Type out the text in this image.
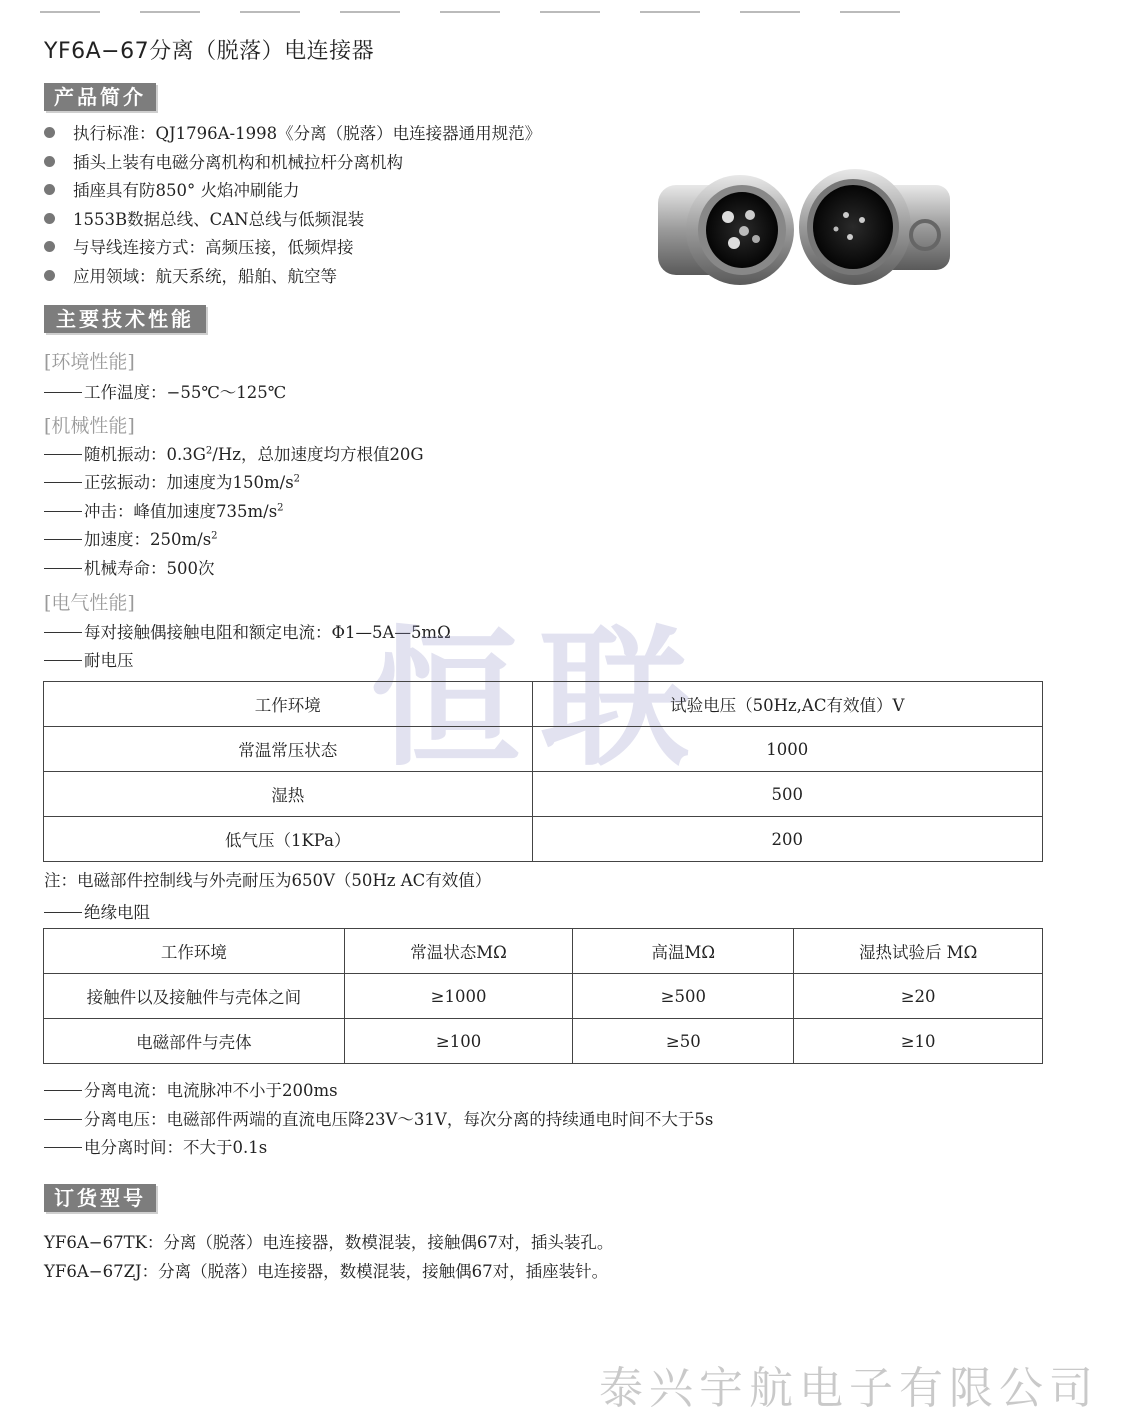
YF6A−67分离（脱落）电连接器
产品简介
执行标准：QJ1796A-1998《分离（脱落）电连接器通用规范》
插头上装有电磁分离机构和机械拉杆分离机构
插座具有防850° 火焰冲刷能力
1553B数据总线、CAN总线与低频混装
与导线连接方式：高频压接，低频焊接
应用领域：航天系统，船舶、航空等
主要技术性能
[环境性能]
工作温度：−55℃～125℃
[机械性能]
随机振动：$0.3G^2/Hz$，总加速度均方根值20G
正弦振动：加速度为$150m/s^2$
冲击：峰值加速度$735m/s^2$
加速度：$250m/s^2$
机械寿命：500次
[电气性能]
每对接触偶接触电阻和额定电流：Φ1—5A—5mΩ
耐电压 恒联
工作环境	试验电压（50Hz,AC有效值）V
常温常压状态	1000
湿热	500
低气压（1KPa）	200
注：电磁部件控制线与外壳耐压为650V（50Hz AC有效值）
绝缘电阻
工作环境	常温状态MΩ	高温MΩ	湿热试验后 MΩ
接触件以及接触件与壳体之间	≥1000	≥500	≥20
电磁部件与壳体	≥100	≥50	≥10
分离电流：电流脉冲不小于200ms
分离电压：电磁部件两端的直流电压降23V～31V，每次分离的持续通电时间不大于5s
电分离时间：不大于0.1s
订货型号
YF6A−67TK：分离（脱落）电连接器，数模混装，接触偶67对，插头装孔。
YF6A−67ZJ：分离（脱落）电连接器，数模混装，接触偶67对，插座装针。
泰兴宇航电子有限公司
